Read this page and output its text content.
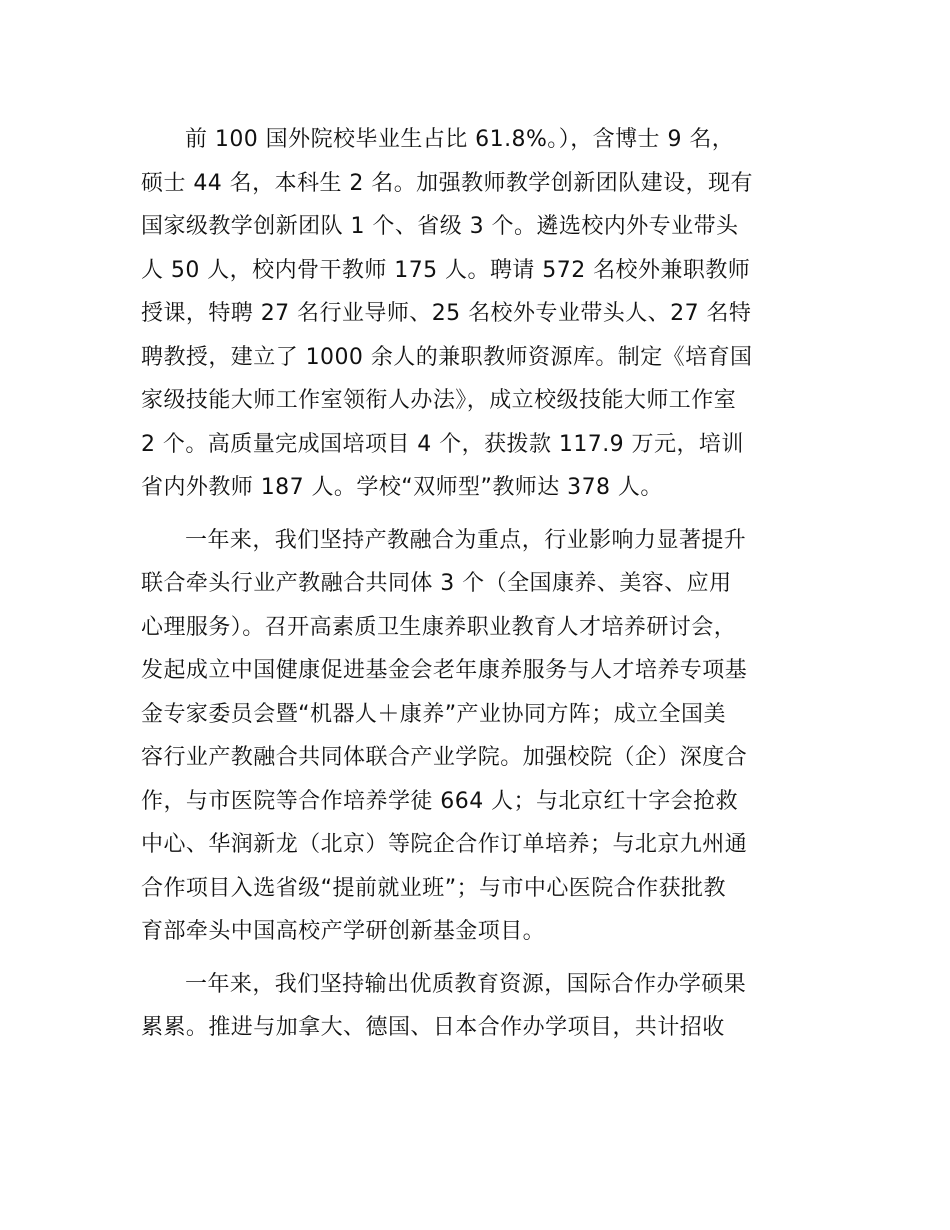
前 100 国外院校毕业生占比 61.8%。），含博士 9 名，
硕士 44 名，本科生 2 名。加强教师教学创新团队建设，现有
国家级教学创新团队 1 个、省级 3 个。遴选校内外专业带头
人 50 人，校内骨干教师 175 人。聘请 572 名校外兼职教师
授课，特聘 27 名行业导师、25 名校外专业带头人、27 名特
聘教授，建立了 1000 余人的兼职教师资源库。制定《培育国
家级技能大师工作室领衔人办法》，成立校级技能大师工作室
2 个。高质量完成国培项目 4 个，获拨款 117.9 万元，培训
省内外教师 187 人。学校“双师型”教师达 378 人。
一年来，我们坚持产教融合为重点，行业影响力显著提升
联合牵头行业产教融合共同体 3 个（全国康养、美容、应用
心理服务）。召开高素质卫生康养职业教育人才培养研讨会，
发起成立中国健康促进基金会老年康养服务与人才培养专项基
金专家委员会暨“机器人＋康养”产业协同方阵；成立全国美
容行业产教融合共同体联合产业学院。加强校院（企）深度合
作，与市医院等合作培养学徒 664 人；与北京红十字会抢救
中心、华润新龙（北京）等院企合作订单培养；与北京九州通
合作项目入选省级“提前就业班”；与市中心医院合作获批教
育部牵头中国高校产学研创新基金项目。
一年来，我们坚持输出优质教育资源，国际合作办学硕果
累累。推进与加拿大、德国、日本合作办学项目，共计招收
